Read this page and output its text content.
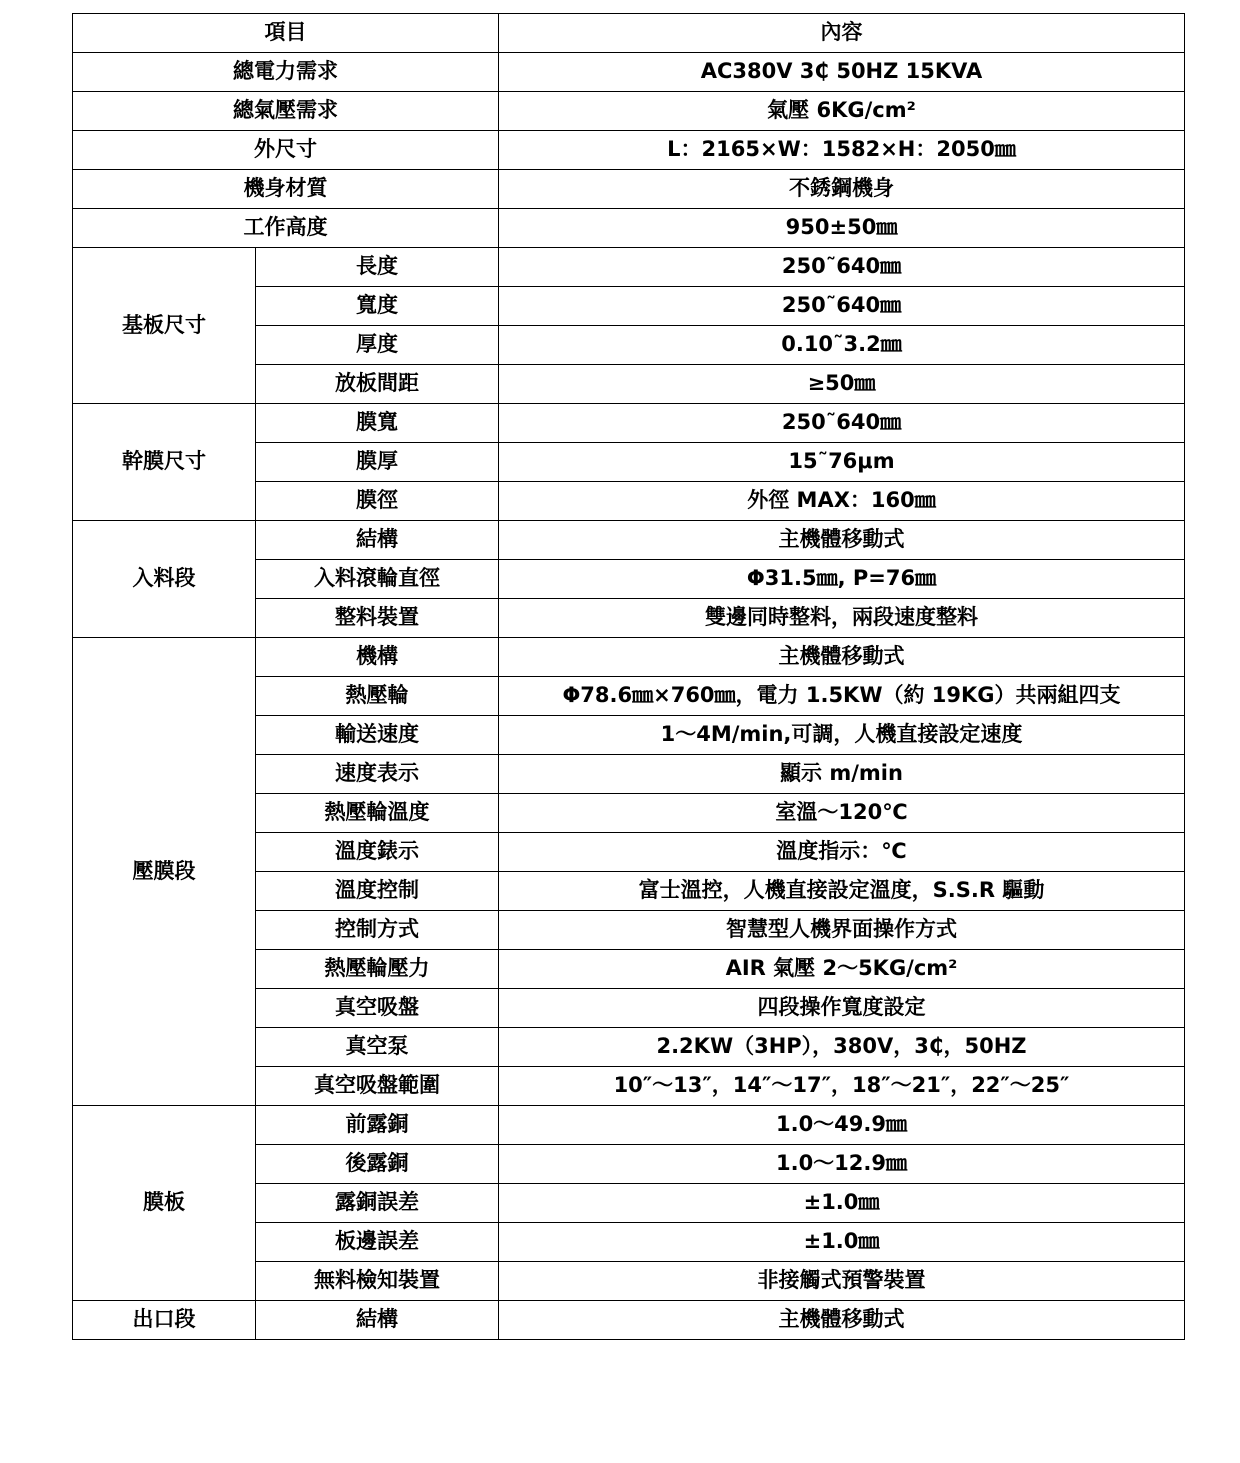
項目		內容
總電力需求		AC380V 3₵ 50HZ 15KVA
總氣壓需求		氣壓 6KG/cm²
外尺寸		L：2165×W：1582×H：2050㎜
機身材質		不銹鋼機身
工作高度		950±50㎜
基板尺寸	長度	250˜640㎜
	寬度	250˜640㎜
	厚度	0.10˜3.2㎜
	放板間距	≥50㎜
幹膜尺寸	膜寬	250˜640㎜
	膜厚	15˜76μm
	膜徑	外徑 MAX：160㎜
入料段	結構	主機體移動式
	入料滾輪直徑	Φ31.5㎜, P=76㎜
	整料裝置	雙邊同時整料，兩段速度整料
壓膜段	機構	主機體移動式
	熱壓輪	Φ78.6㎜×760㎜，電力 1.5KW（約 19KG）共兩組四支
	輸送速度	1～4M/min,可調，人機直接設定速度
	速度表示	顯示 m/min
	熱壓輪溫度	室溫～120℃
	溫度錶示	溫度指示：℃
	溫度控制	富士溫控，人機直接設定溫度，S.S.R 驅動
	控制方式	智慧型人機界面操作方式
	熱壓輪壓力	AIR 氣壓 2～5KG/cm²
	真空吸盤	四段操作寬度設定
	真空泵	2.2KW（3HP），380V，3₵，50HZ
	真空吸盤範圍	10″～13″，14″～17″，18″～21″，22″～25″
膜板	前露銅	1.0～49.9㎜
	後露銅	1.0～12.9㎜
	露銅誤差	±1.0㎜
	板邊誤差	±1.0㎜
	無料檢知裝置	非接觸式預警裝置
出口段	結構	主機體移動式
